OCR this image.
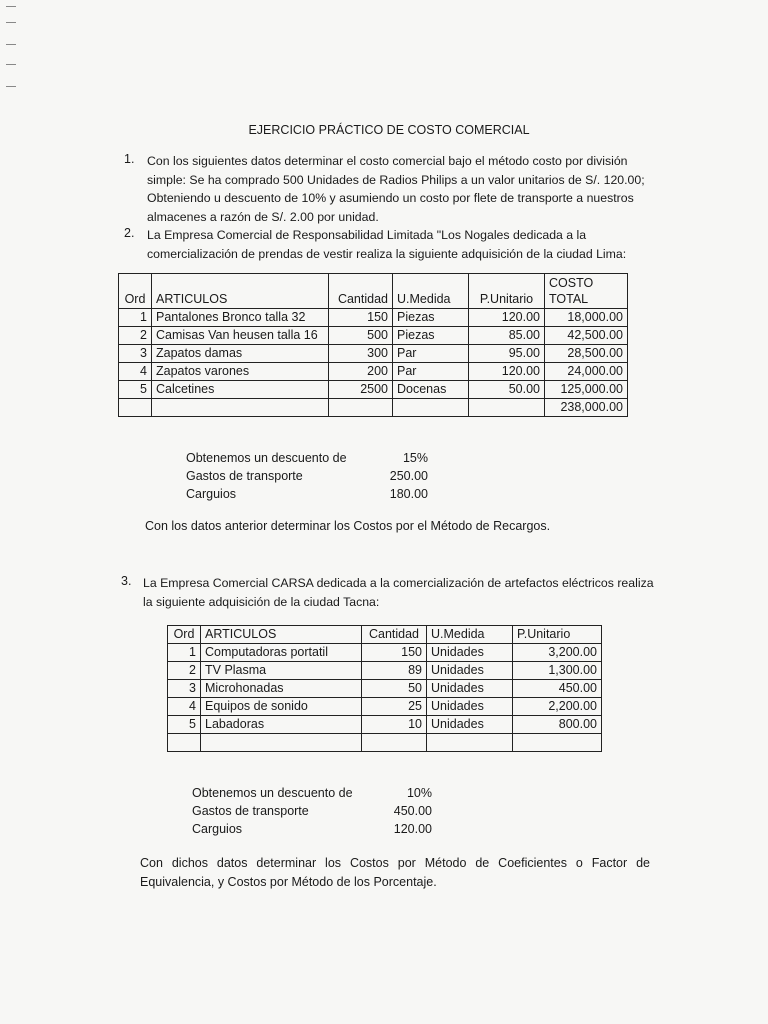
EJERCICIO PRÁCTICO DE COSTO COMERCIAL
1. Con los siguientes datos determinar el costo comercial bajo el método costo por división
simple: Se ha comprado 500 Unidades de Radios Philips a un valor unitarios de S/. 120.00;
Obteniendo u descuento de 10% y asumiendo un costo por flete de transporte a nuestros
almacenes a razón de S/. 2.00 por unidad.
2. La Empresa Comercial de Responsabilidad Limitada "Los Nogales dedicada a la
comercialización de prendas de vestir realiza la siguiente adquisición de la ciudad Lima:
Ord	ARTICULOS	Cantidad	U.Medida	P.Unitario	COSTO
TOTAL

1	Pantalones Bronco talla 32	150	Piezas	120.00	18,000.00
2	Camisas Van heusen talla 16	500	Piezas	85.00	42,500.00
3	Zapatos damas	300	Par	95.00	28,500.00
4	Zapatos varones	200	Par	120.00	24,000.00
5	Calcetines	2500	Docenas	50.00	125,000.00
					238,000.00
Obtenemos un descuento de	15%
Gastos de transporte	250.00
Carguios	180.00
Con los datos anterior determinar los Costos por el Método de Recargos.
3. La Empresa Comercial CARSA dedicada a la comercialización de artefactos eléctricos realiza
la siguiente adquisición de la ciudad Tacna:
Ord	ARTICULOS	Cantidad	U.Medida	P.Unitario
1	Computadoras portatil	150	Unidades	3,200.00
2	TV Plasma	89	Unidades	1,300.00
3	Microhonadas	50	Unidades	450.00
4	Equipos de sonido	25	Unidades	2,200.00
5	Labadoras	10	Unidades	800.00

Obtenemos un descuento de	10%
Gastos de transporte	450.00
Carguios	120.00
Con dichos datos determinar los Costos por Método de Coeficientes o Factor de
Equivalencia, y Costos por Método de los Porcentaje.
